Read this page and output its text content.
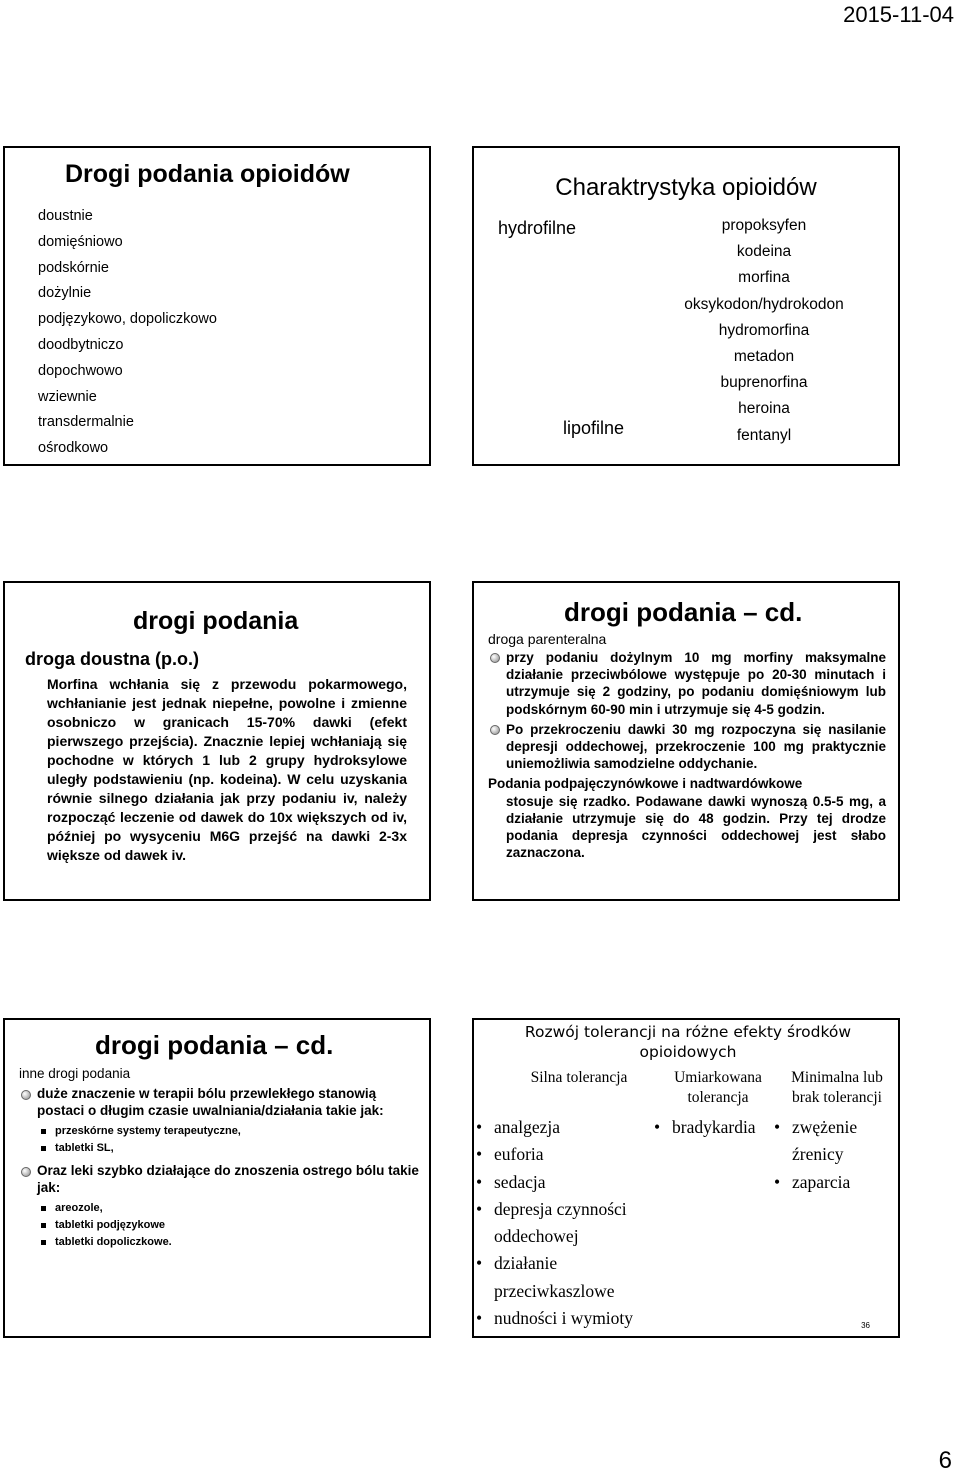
2015-11-04
Drogi podania opioidów
doustnie
domięśniowo
podskórnie
dożylnie
podjęzykowo, dopoliczkowo
doodbytniczo
dopochwowo
wziewnie
transdermalnie
ośrodkowo
Charaktrystyka opioidów
hydrofilne
lipofilne
propoksyfen
kodeina
morfina
oksykodon/hydrokodon
hydromorfina
metadon
buprenorfina
heroina
fentanyl
drogi podania
droga doustna (p.o.)
Morfina wchłania się z przewodu pokarmowego, wchłanianie jest jednak niepełne, powolne i zmienne osobniczo w granicach 15-70% dawki (efekt pierwszego przejścia). Znacznie lepiej wchłaniają się pochodne w których 1 lub 2 grupy hydroksylowe uległy podstawieniu (np. kodeina). W celu uzyskania równie silnego działania jak przy podaniu iv, należy rozpocząć leczenie od dawek do 10x większych od iv, później po wysyceniu M6G przejść na dawki 2-3x większe od dawek iv.
drogi podania – cd.
droga parenteralna
przy podaniu dożylnym 10 mg morfiny maksymalne działanie przeciwbólowe występuje po 20-30 minutach i utrzymuje się 2 godziny, po podaniu domięśniowym lub podskórnym 60-90 min i utrzymuje się 4-5 godzin.
Po przekroczeniu dawki 30 mg rozpoczyna się nasilanie depresji oddechowej, przekroczenie 100 mg praktycznie uniemożliwia samodzielne oddychanie.
Podania podpajęczynówkowe i nadtwardówkowe
stosuje się rzadko. Podawane dawki wynoszą 0.5-5 mg, a działanie utrzymuje się do 48 godzin. Przy tej drodze podania depresja czynności oddechowej jest słabo zaznaczona.
drogi podania – cd.
inne drogi podania
duże znaczenie w terapii bólu przewlekłego stanowią postaci o długim czasie uwalniania/działania takie jak:
przeskórne systemy terapeutyczne,
tabletki SL,
Oraz leki szybko działające do znoszenia ostrego bólu takie jak:
areozole,
tabletki podjęzykowe
tabletki dopoliczkowe.
Rozwój tolerancji na różne efekty środków
opioidowych
Silna tolerancja	Umiarkowana
tolerancja
Minimalna lub
brak tolerancji
• analgezja
• euforia
• sedacja
• depresja czynności
oddechowej
• działanie
przeciwkaszlowe
• nudności i wymioty
• bradykardia
•	zwężenie
źrenicy
• zaparcia
36
6
